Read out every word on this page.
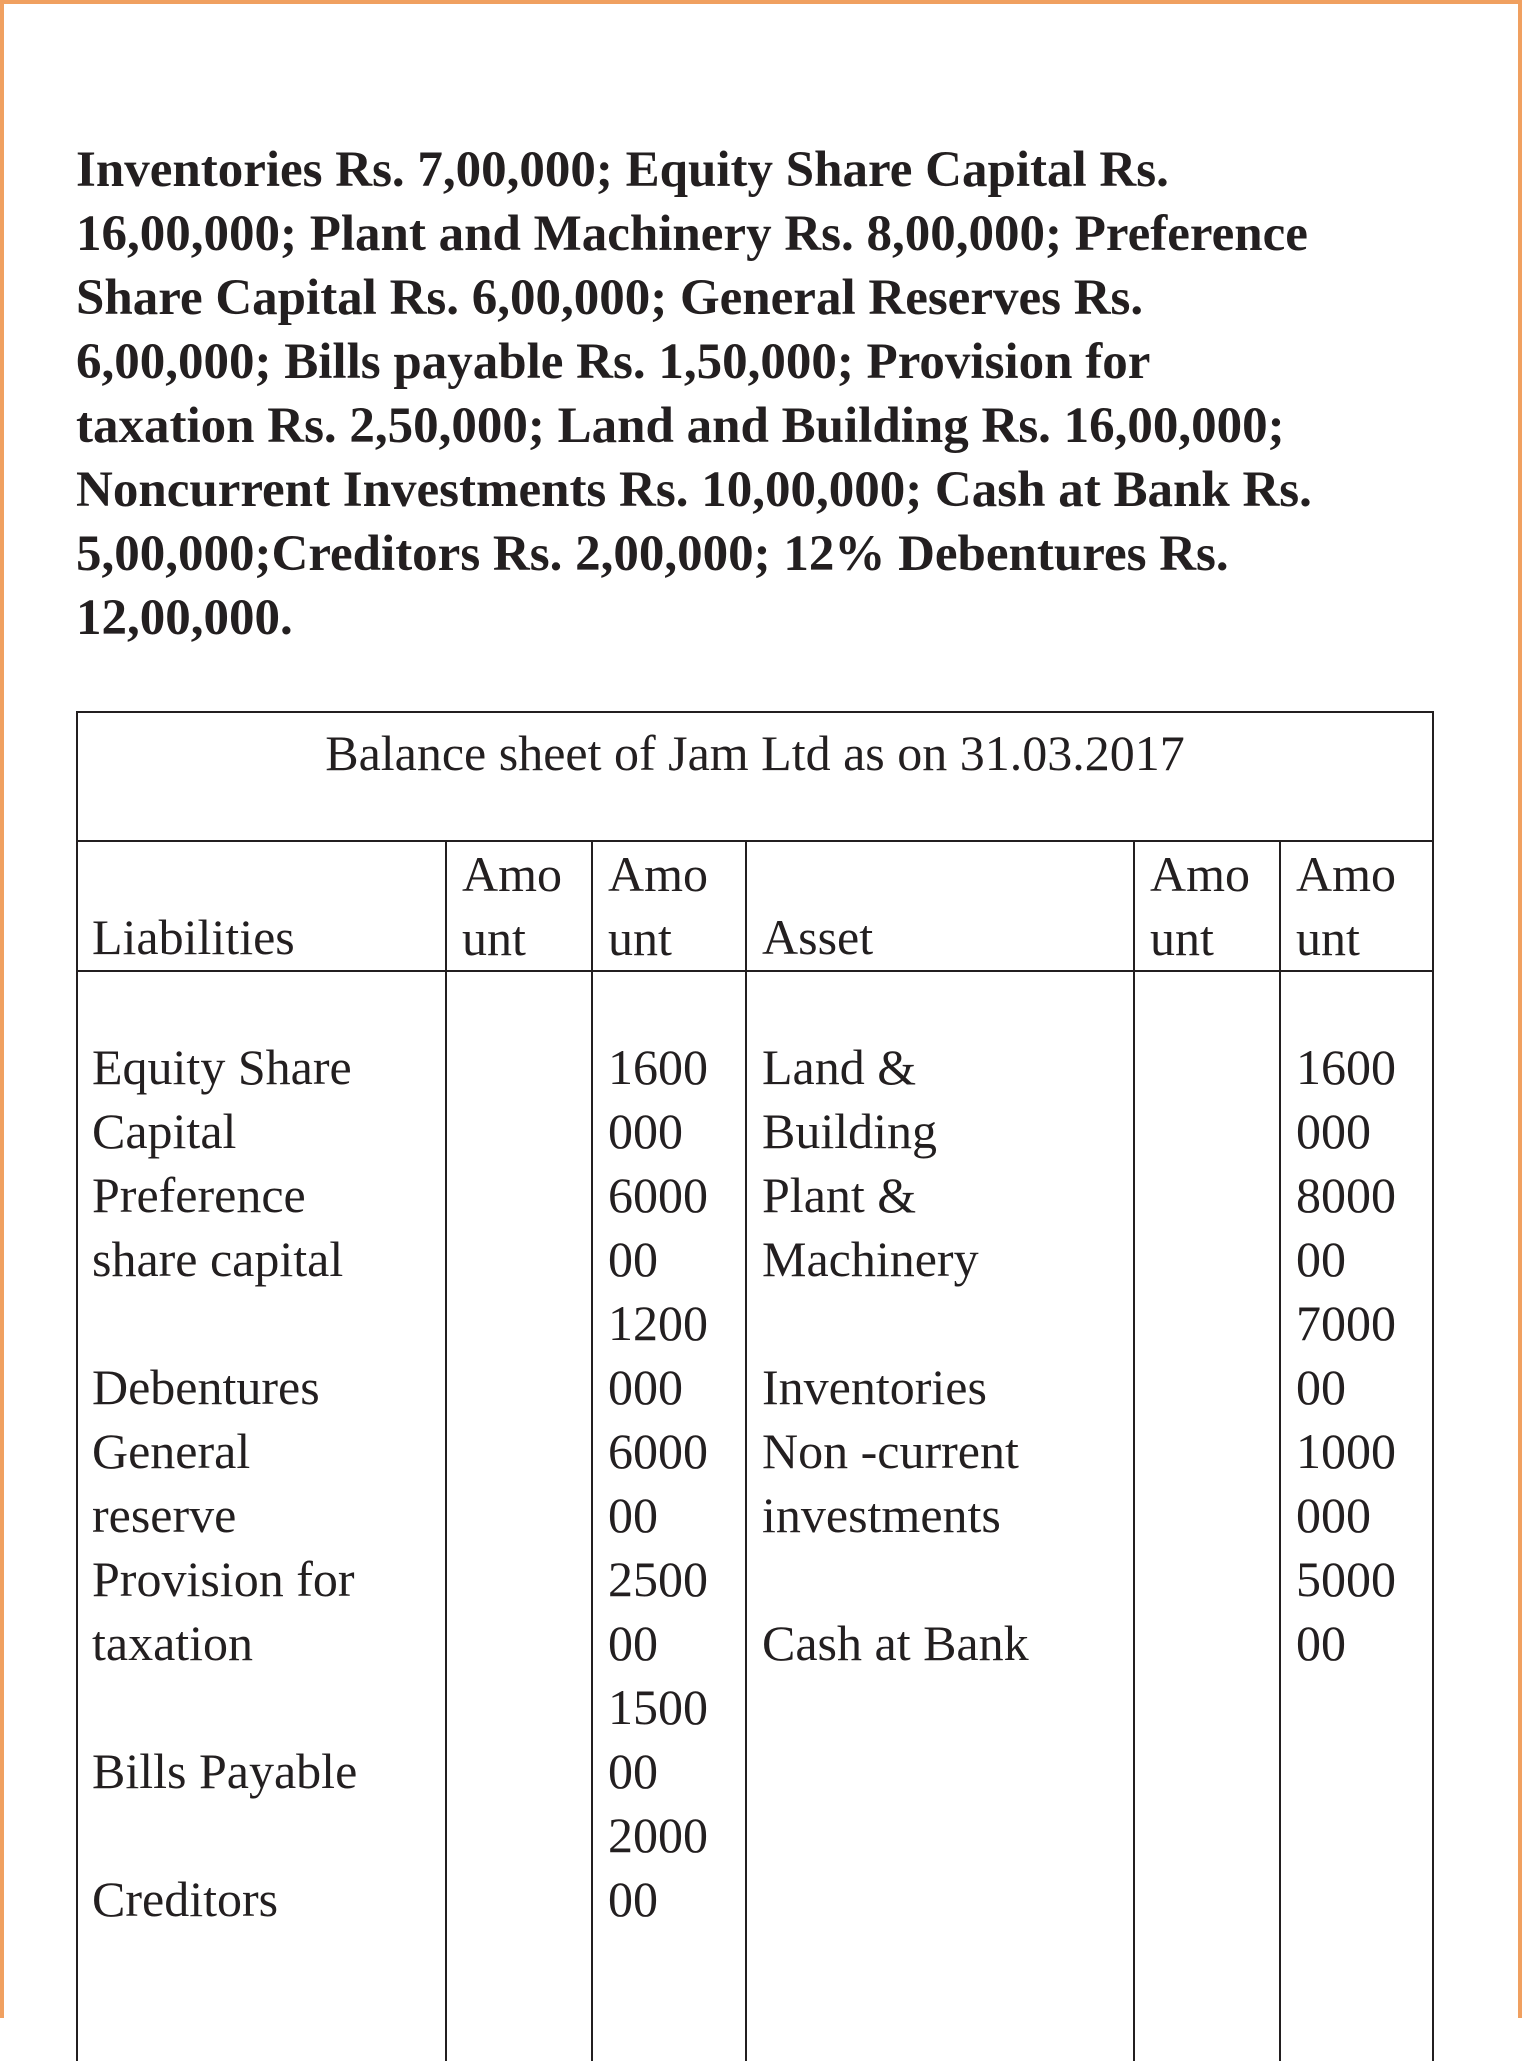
Inventories Rs. 7,00,000; Equity Share Capital Rs.
16,00,000; Plant and Machinery Rs. 8,00,000; Preference
Share Capital Rs. 6,00,000; General Reserves Rs.
6,00,000; Bills payable Rs. 1,50,000; Provision for
taxation Rs. 2,50,000; Land and Building Rs. 16,00,000;
Noncurrent Investments Rs. 10,00,000; Cash at Bank Rs.
5,00,000;Creditors Rs. 2,00,000; 12% Debentures Rs.
12,00,000.
Balance sheet of Jam Ltd as on 31.03.2017
Liabilities
Amo
unt
Amo
unt	Asset
Amo
unt
Amo
unt

Equity Share
Capital
Preference
share capital

Debentures
General
reserve
Provision for
taxation

Bills Payable

Creditors
1600
000
6000
00
1200
000
6000
00
2500
00
1500
00
2000
00
Land &
Building
Plant &
Machinery

Inventories
Non -current
investments

Cash at Bank
1600
000
8000
00
7000
00
1000
000
5000
00
